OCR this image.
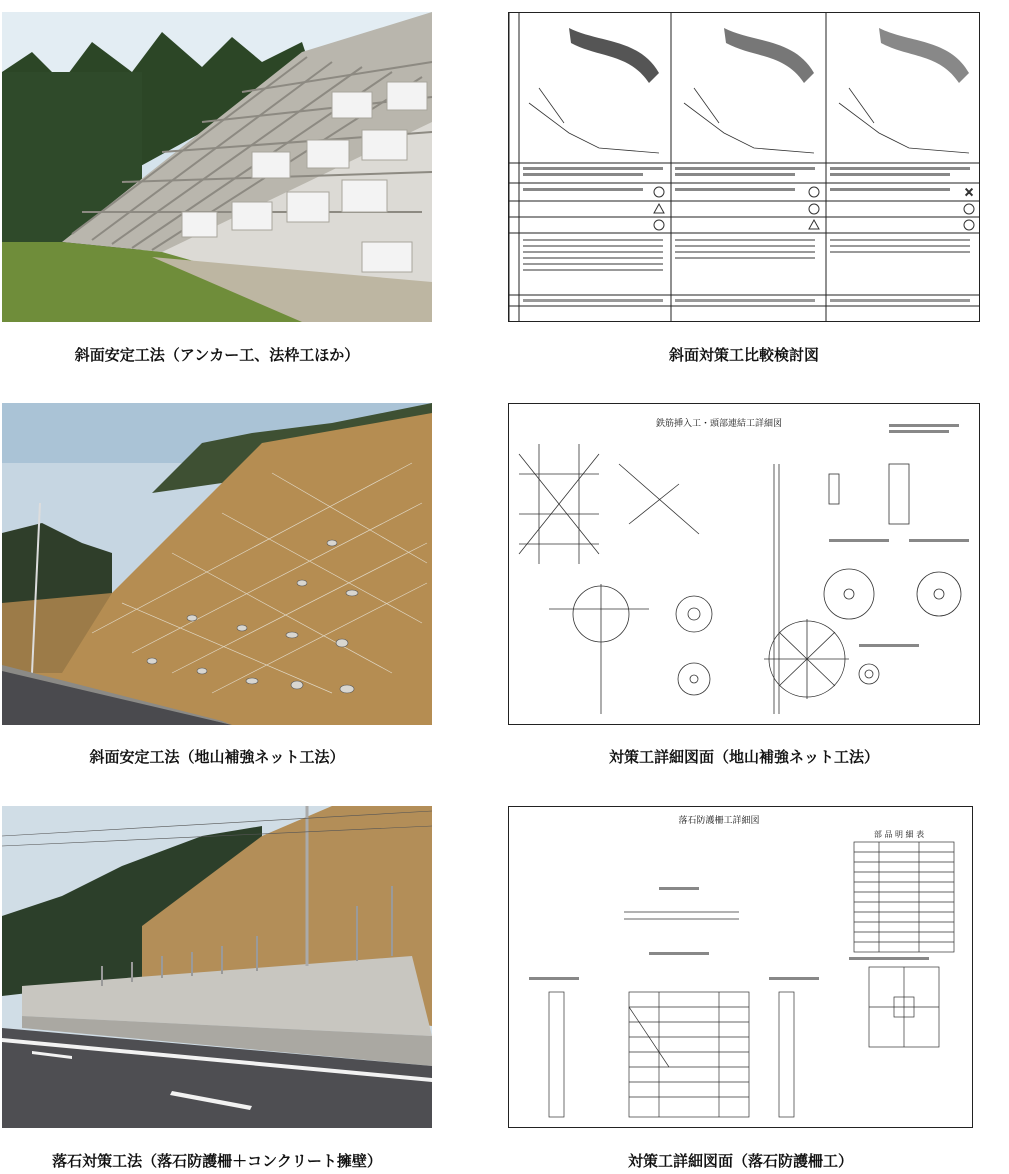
斜面安定工法（アンカー工、法枠工ほか）
×
斜面対策工比較検討図
斜面安定工法（地山補強ネット工法）
鉄筋挿入工・頭部連結工詳細図
対策工詳細図面（地山補強ネット工法）
落石対策工法（落石防護柵＋コンクリート擁壁）
落石防護柵工詳細図
部 品 明 細 表
対策工詳細図面（落石防護柵工）
